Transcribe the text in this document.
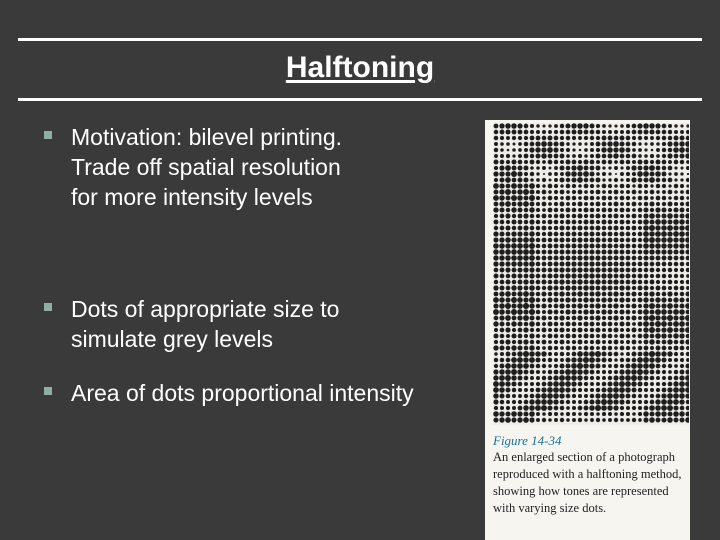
Halftoning
Motivation: bilevel printing.
Trade off spatial resolution
for more intensity levels
Dots of appropriate size to
simulate grey levels
Area of dots proportional intensity
Figure 14-34
An enlarged section of a photograph reproduced with a halftoning method, showing how tones are represented with varying size dots.
